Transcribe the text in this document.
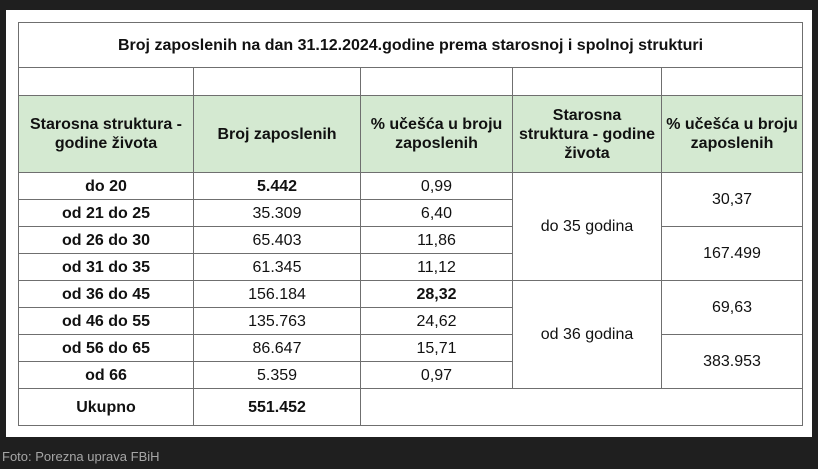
Broj zaposlenih na dan 31.12.2024.godine prema starosnoj i spolnoj strukturi				

Starosna struktura - godine života	Broj zaposlenih	% učešća u broju zaposlenih	Starosna struktura - godine života	% učešća u broju zaposlenih
do 20	5.442	0,99	do 35 godina	30,37
od 21 do 25	35.309	6,40		
od 26 do 30	65.403	11,86		167.499
od 31 do 35	61.345	11,12		
od 36 do 45	156.184	28,32	od 36 godina	69,63
od 46 do 55	135.763	24,62		
od 56 do 65	86.647	15,71		383.953
od 66	5.359	0,97		
Ukupno	551.452			
Foto: Porezna uprava FBiH
